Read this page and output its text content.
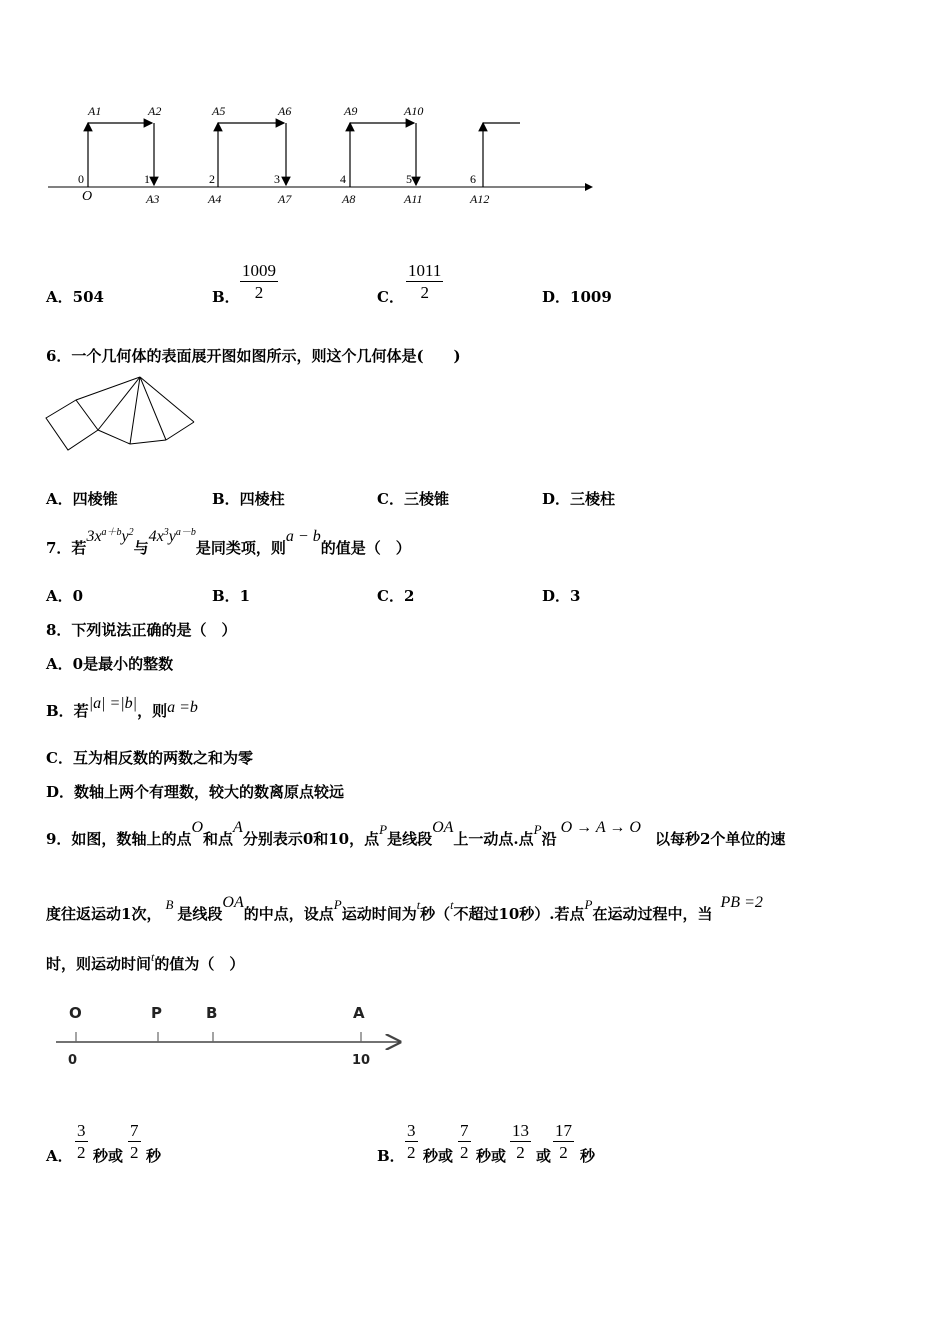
A1	A2	A5	A6	A9	A10
A3	A4	A7	A8	A11	A12
0	1	2	3	4	5	6
O
A．504	B． $\frac{1009}{2}$	C． $\frac{1011}{2}$	D．1009
6．一个几何体的表面展开图如图所示，则这个几何体是(　　)
A．四棱锥	B．四棱柱	C．三棱锥	D．三棱柱
7．若$3x^{a+b}y^2$与$4x^3y^{a-b}$是同类项，则a − b的值是（　）
A．0	B．1	C．2	D．3
8．下列说法正确的是（　）
A．0是最小的整数
B．若|a| =|b|，则a =b
C．互为相反数的两数之和为零
D．数轴上两个有理数，较大的数离原点较远
9．如图，数轴上的点O和点A分别表示0和10，点P是线段OA上一动点.点P沿O → A → O以每秒2个单位的速
度往返运动1次，B是线段OA的中点，设点P运动时间为$^t$秒（$^t$不超过10秒）.若点P在运动过程中，当PB =2
时，则运动时间$^t$的值为（　）
O	P	B	A
0	10
A． $\frac{3}{2}$ 秒或 $\frac{7}{2}$ 秒	B． $\frac{3}{2}$ 秒或 $\frac{7}{2}$ 秒或 $\frac{13}{2}$ 或 $\frac{17}{2}$ 秒
